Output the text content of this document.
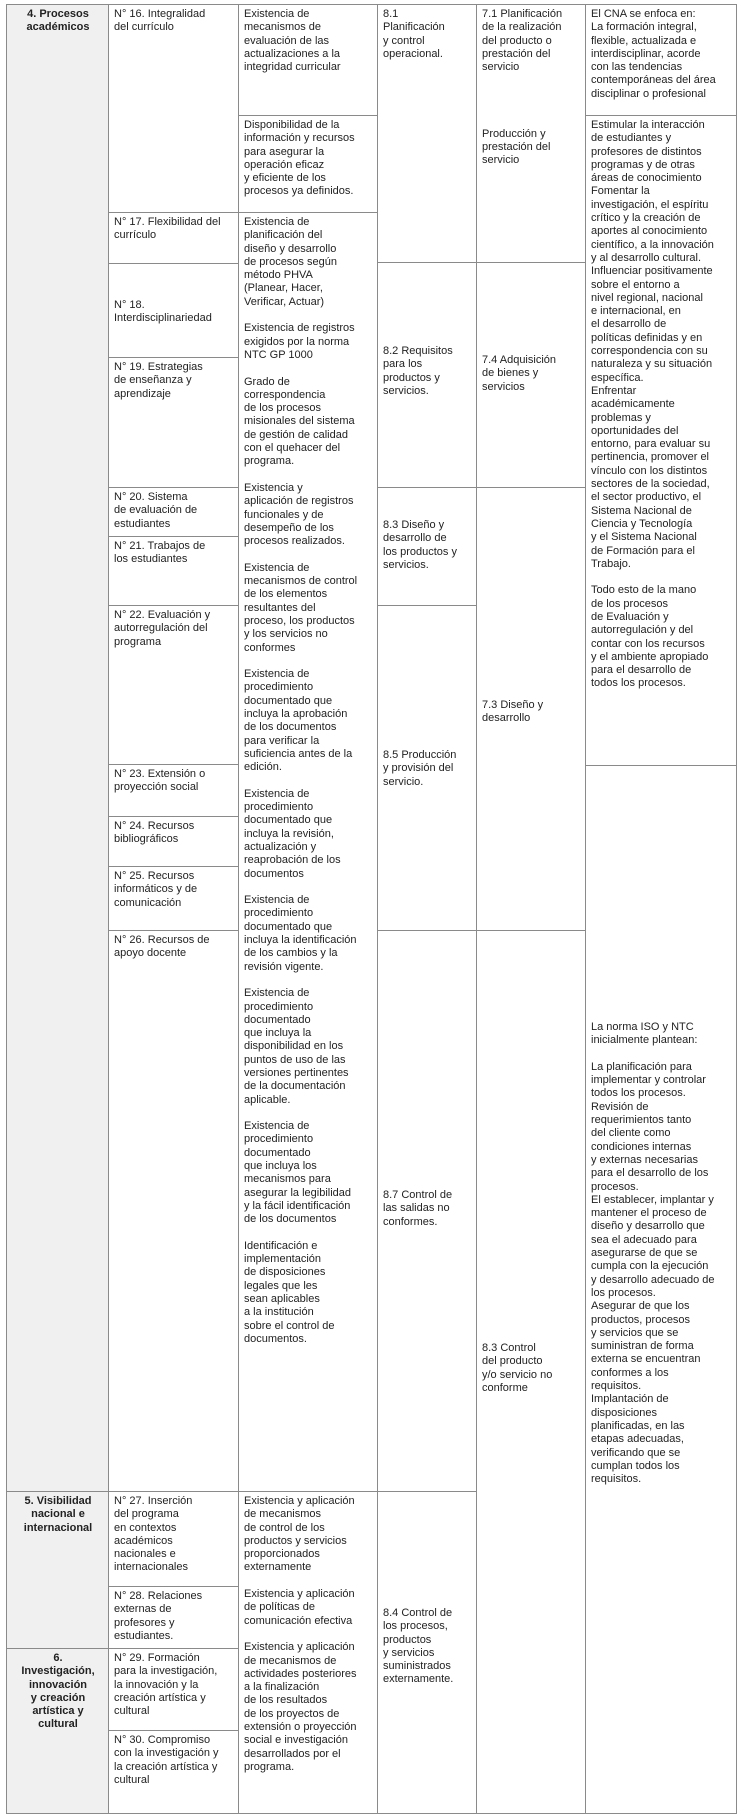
4. Procesos
académicos
5. Visibilidad
nacional e
internacional
6.
Investigación,
innovación
y creación
artística y
cultural
N° 16. Integralidad
del currículo
N° 17. Flexibilidad del
currículo
N° 18.
Interdisciplinariedad
N° 19. Estrategias
de enseñanza y
aprendizaje
N° 20. Sistema
de evaluación de
estudiantes
N° 21. Trabajos de
los estudiantes
N° 22. Evaluación y
autorregulación del
programa
N° 23. Extensión o
proyección social
N° 24. Recursos
bibliográficos
N° 25. Recursos
informáticos y de
comunicación
N° 26. Recursos de
apoyo docente
N° 27. Inserción
del programa
en contextos
académicos
nacionales e
internacionales
N° 28. Relaciones
externas de
profesores y
estudiantes.
N° 29. Formación
para la investigación,
la innovación y la
creación artística y
cultural
N° 30. Compromiso
con la investigación y
la creación artística y
cultural
Existencia de
mecanismos de
evaluación de las
actualizaciones a la
integridad curricular
Disponibilidad de la
información y recursos
para asegurar la
operación eficaz
y eficiente de los
procesos ya definidos.
Existencia de
planificación del
diseño y desarrollo
de procesos según
método PHVA
(Planear, Hacer,
Verificar, Actuar)

Existencia de registros
exigidos por la norma
NTC GP 1000

Grado de
correspondencia
de los procesos
misionales del sistema
de gestión de calidad
con el quehacer del
programa.

Existencia y
aplicación de registros
funcionales y de
desempeño de los
procesos realizados.

Existencia de
mecanismos de control
de los elementos
resultantes del
proceso, los productos
y los servicios no
conformes

Existencia de
procedimiento
documentado que
incluya la aprobación
de los documentos
para verificar la
suficiencia antes de la
edición.

Existencia de
procedimiento
documentado que
incluya la revisión,
actualización y
reaprobación de los
documentos

Existencia de
procedimiento
documentado que
incluya la identificación
de los cambios y la
revisión vigente.

Existencia de
procedimiento
documentado
que incluya la
disponibilidad en los
puntos de uso de las
versiones pertinentes
de la documentación
aplicable.

Existencia de
procedimiento
documentado
que incluya los
mecanismos para
asegurar la legibilidad
y la fácil identificación
de los documentos

Identificación e
implementación
de disposiciones
legales que les
sean aplicables
a la institución
sobre el control de
documentos.
Existencia y aplicación
de mecanismos
de control de los
productos y servicios
proporcionados
externamente

Existencia y aplicación
de políticas de
comunicación efectiva

Existencia y aplicación
de mecanismos de
actividades posteriores
a la finalización
de los resultados
de los proyectos de
extensión o proyección
social e investigación
desarrollados por el
programa.
8.1
Planificación
y control
operacional.
8.2 Requisitos
para los
productos y
servicios.
8.3 Diseño y
desarrollo de
los productos y
servicios.
8.5 Producción
y provisión del
servicio.
8.7 Control de
las salidas no
conformes.
8.4 Control de
los procesos,
productos
y servicios
suministrados
externamente.
7.1 Planificación
de la realización
del producto o
prestación del
servicio

Producción y
prestación del
servicio
7.4 Adquisición
de bienes y
servicios
7.3 Diseño y
desarrollo
8.3 Control
del producto
y/o servicio no
conforme
El CNA se enfoca en:
La formación integral,
flexible, actualizada e
interdisciplinar, acorde
con las tendencias
contemporáneas del área
disciplinar o profesional
Estimular la interacción
de estudiantes y
profesores de distintos
programas y de otras
áreas de conocimiento
Fomentar la
investigación, el espíritu
crítico y la creación de
aportes al conocimiento
científico, a la innovación
y al desarrollo cultural.
Influenciar positivamente
sobre el entorno a
nivel regional, nacional
e internacional, en
el desarrollo de
políticas definidas y en
correspondencia con su
naturaleza y su situación
específica.
Enfrentar
académicamente
problemas y
oportunidades del
entorno, para evaluar su
pertinencia, promover el
vínculo con los distintos
sectores de la sociedad,
el sector productivo, el
Sistema Nacional de
Ciencia y Tecnología
y el Sistema Nacional
de Formación para el
Trabajo.

Todo esto de la mano
de los procesos
de Evaluación y
autorregulación y del
contar con los recursos
y el ambiente apropiado
para el desarrollo de
todos los procesos.
La norma ISO y NTC
inicialmente plantean:

La planificación para
implementar y controlar
todos los procesos.
Revisión de
requerimientos tanto
del cliente como
condiciones internas
y externas necesarias
para el desarrollo de los
procesos.
El establecer, implantar y
mantener el proceso de
diseño y desarrollo que
sea el adecuado para
asegurarse de que se
cumpla con la ejecución
y desarrollo adecuado de
los procesos.
Asegurar de que los
productos, procesos
y servicios que se
suministran de forma
externa se encuentran
conformes a los
requisitos.
Implantación de
disposiciones
planificadas, en las
etapas adecuadas,
verificando que se
cumplan todos los
requisitos.
